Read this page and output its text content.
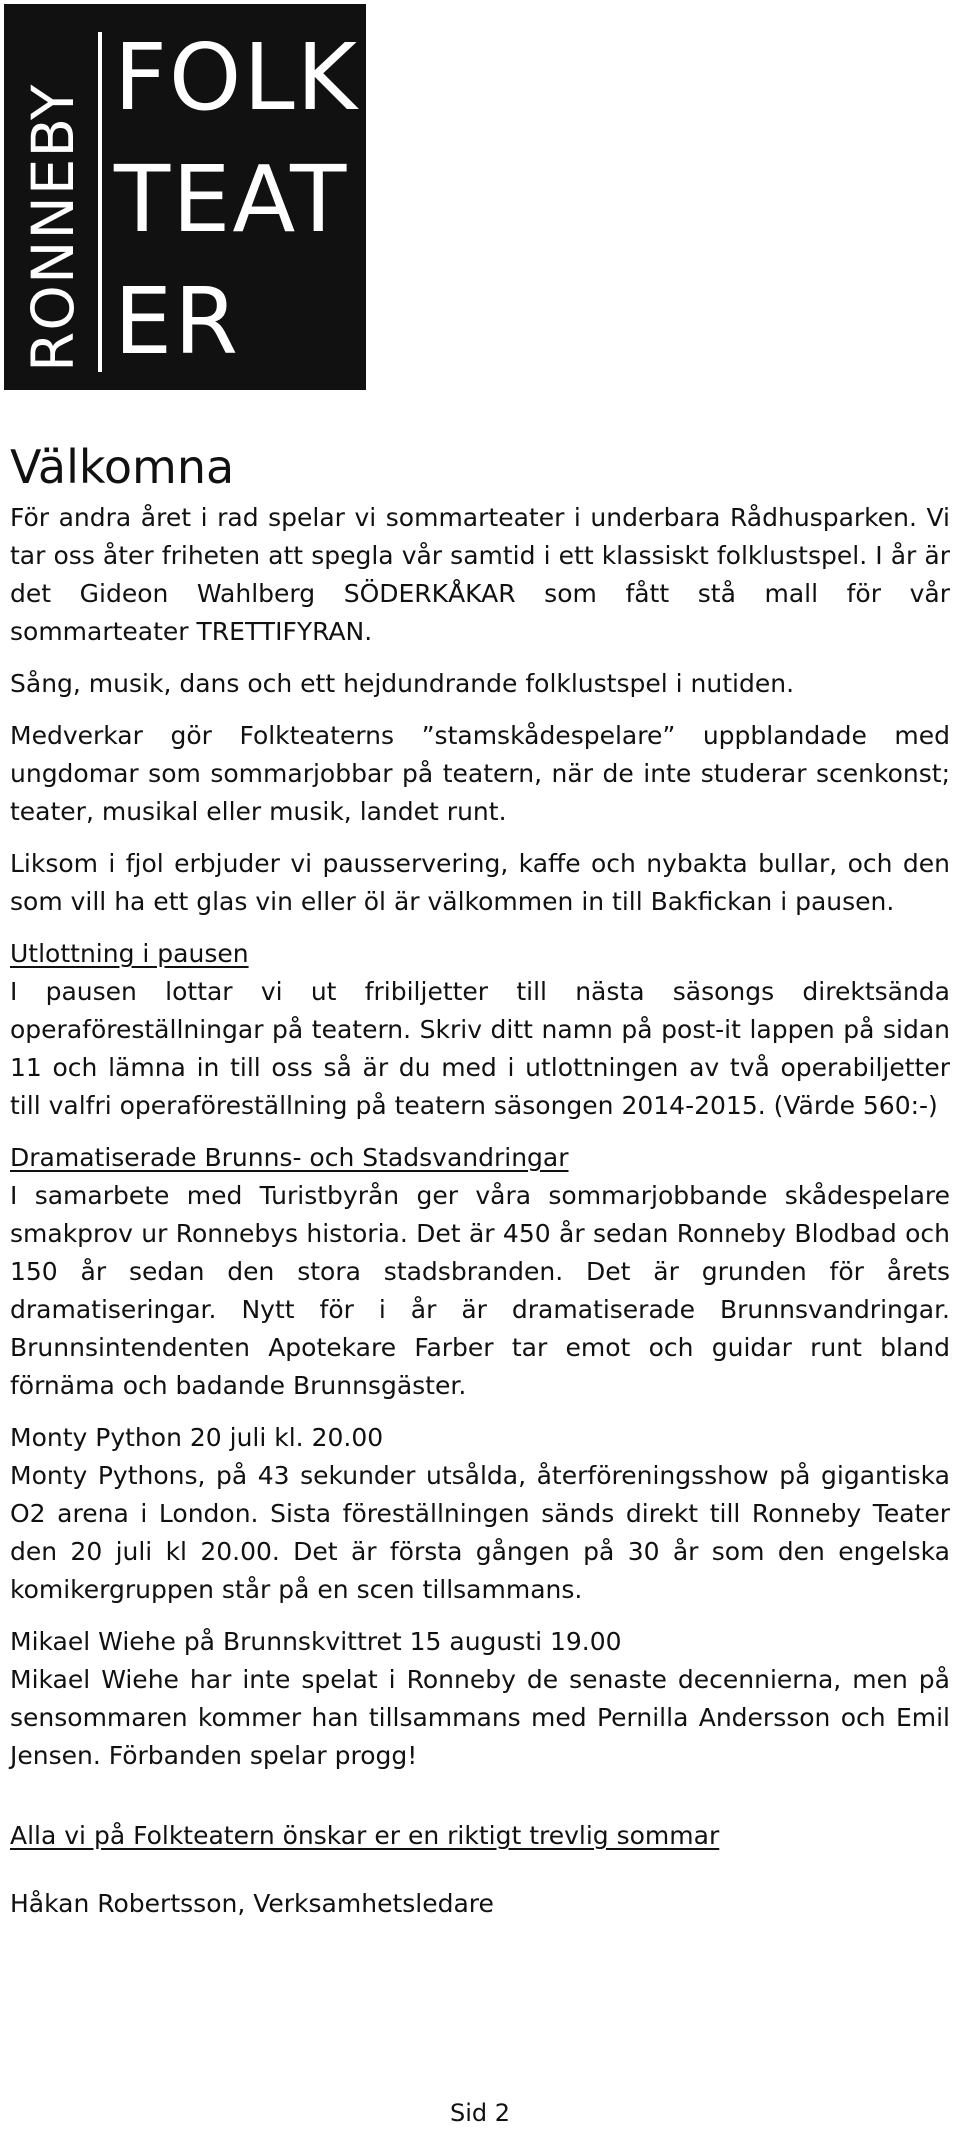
RONNEBY
FOLK
TEAT
ER
Välkomna

För andra året i rad spelar vi sommarteater i underbara Rådhusparken. Vi tar oss åter friheten att spegla vår samtid i ett klassiskt folklustspel. I år är det Gideon Wahlberg SÖDERKÅKAR som fått stå mall för vår sommarteater TRETTIFYRAN.

Sång, musik, dans och ett hejdundrande folklustspel i nutiden.

Medverkar gör Folkteaterns ”stamskådespelare” uppblandade med ungdomar som sommarjobbar på teatern, när de inte studerar scenkonst; teater, musikal eller musik, landet runt.

Liksom i fjol erbjuder vi pausservering, kaffe och nybakta bullar, och den som vill ha ett glas vin eller öl är välkommen in till Bakfickan i pausen.

Utlottning i pausen

I pausen lottar vi ut fribiljetter till nästa säsongs direktsända operaföreställningar på teatern. Skriv ditt namn på post-it lappen på sidan 11 och lämna in till oss så är du med i utlottningen av två operabiljetter till valfri operaföreställning på teatern säsongen 2014-2015. (Värde 560:-)

Dramatiserade Brunns- och Stadsvandringar

I samarbete med Turistbyrån ger våra sommarjobbande skådespelare smakprov ur Ronnebys historia. Det är 450 år sedan Ronneby Blodbad och 150 år sedan den stora stadsbranden. Det är grunden för årets dramatiseringar. Nytt för i år är dramatiserade Brunnsvandringar. Brunnsintendenten Apotekare Farber tar emot och guidar runt bland förnäma och badande Brunnsgäster.

Monty Python 20 juli kl. 20.00

Monty Pythons, på 43 sekunder utsålda, återföreningsshow på gigantiska O2 arena i London. Sista föreställningen sänds direkt till Ronneby Teater den 20 juli kl 20.00. Det är första gången på 30 år som den engelska komikergruppen står på en scen tillsammans.

Mikael Wiehe på Brunnskvittret 15 augusti 19.00

Mikael Wiehe har inte spelat i Ronneby de senaste decennierna, men på sensommaren kommer han tillsammans med Pernilla Andersson och Emil Jensen. Förbanden spelar progg!

Alla vi på Folkteatern önskar er en riktigt trevlig sommar

Håkan Robertsson, Verksamhetsledare

Sid 2
